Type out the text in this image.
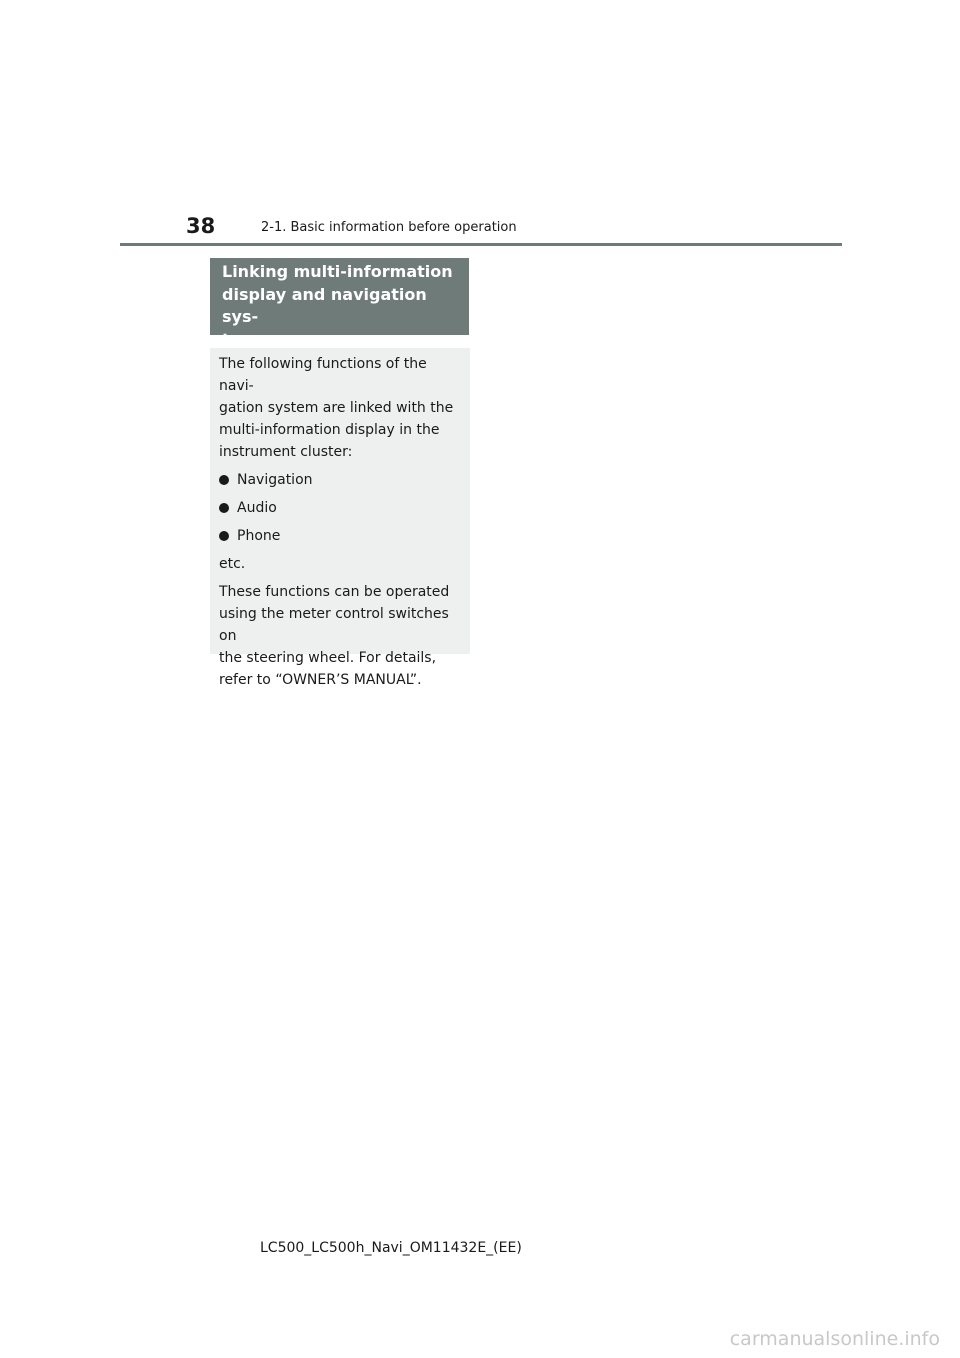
38	2-1. Basic information before operation

Linking multi-information
display and navigation sys-
tem

The following functions of the navi-
gation system are linked with the
multi-information display in the
instrument cluster:

Navigation
Audio
Phone

etc.

These functions can be operated
using the meter control switches on
the steering wheel. For details,
refer to “OWNER’S MANUAL”.

LC500_LC500h_Navi_OM11432E_(EE)
carmanualsonline.info
